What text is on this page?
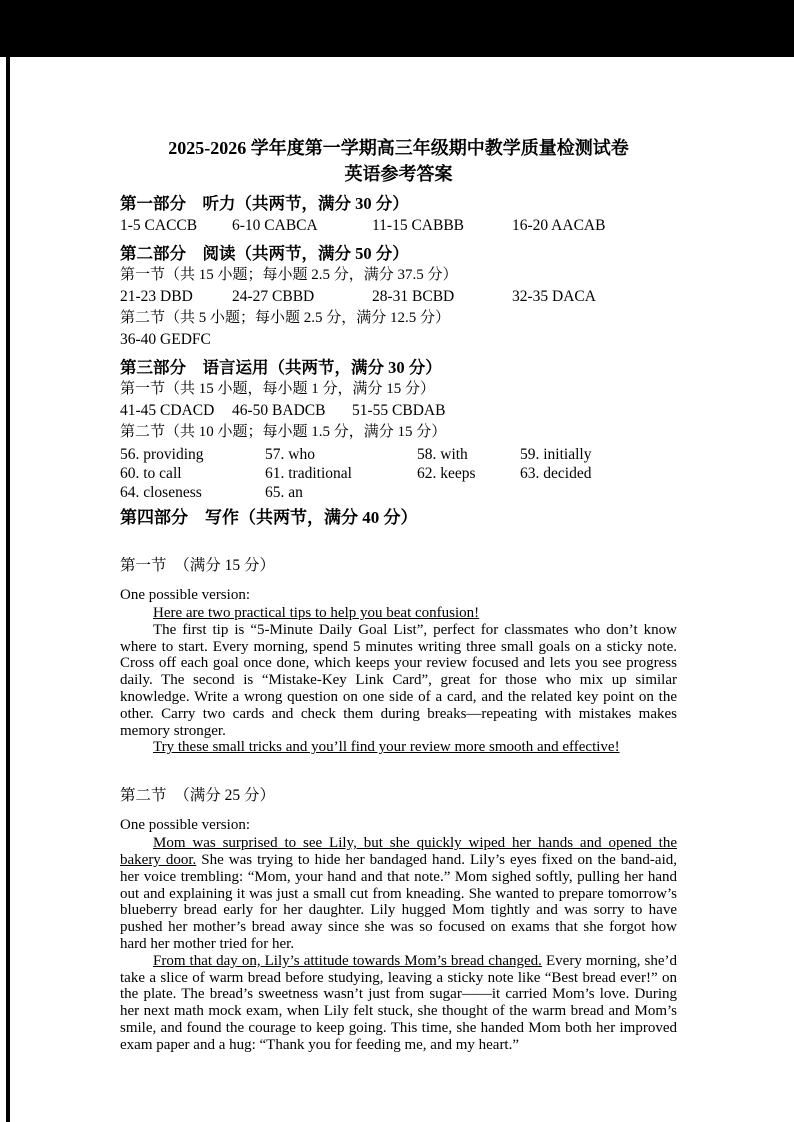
2025-2026 学年度第一学期高三年级期中教学质量检测试卷
英语参考答案
第一部分　听力（共两节，满分 30 分）
1-5 CACCB	6-10 CABCA	11-15 CABBB	16-20 AACAB
第二部分　阅读（共两节，满分 50 分）
第一节（共 15 小题；每小题 2.5 分，满分 37.5 分）
21-23 DBD	24-27 CBBD	28-31 BCBD	32-35 DACA
第二节（共 5 小题；每小题 2.5 分，满分 12.5 分）
36-40 GEDFC
第三部分　语言运用（共两节，满分 30 分）
第一节（共 15 小题，每小题 1 分，满分 15 分）
41-45 CDACD	46-50 BADCB	51-55 CBDAB
第二节（共 10 小题；每小题 1.5 分，满分 15 分）
56. providing	57. who	58. with	59. initially
60. to call	61. traditional	62. keeps	63. decided
64. closeness	65. an
第四部分　写作（共两节，满分 40 分）
第一节　（满分 15 分）
One possible version:

Here are two practical tips to help you beat confusion!

The first tip is “5-Minute Daily Goal List”, perfect for classmates who don’t know where to start. Every morning, spend 5 minutes writing three small goals on a sticky note. Cross off each goal once done, which keeps your review focused and lets you see progress daily. The second is “Mistake-Key Link Card”, great for those who mix up similar knowledge. Write a wrong question on one side of a card, and the related key point on the other. Carry two cards and check them during breaks—repeating with mistakes makes memory stronger.

Try these small tricks and you’ll find your review more smooth and effective!

第二节　（满分 25 分）
One possible version:

Mom was surprised to see Lily, but she quickly wiped her hands and opened the bakery door. She was trying to hide her bandaged hand. Lily’s eyes fixed on the band-aid, her voice trembling: “Mom, your hand and that note.” Mom sighed softly, pulling her hand out and explaining it was just a small cut from kneading. She wanted to prepare tomorrow’s blueberry bread early for her daughter. Lily hugged Mom tightly and was sorry to have pushed her mother’s bread away since she was so focused on exams that she forgot how hard her mother tried for her.

From that day on, Lily’s attitude towards Mom’s bread changed. Every morning, she’d take a slice of warm bread before studying, leaving a sticky note like “Best bread ever!” on the plate. The bread’s sweetness wasn’t just from sugar——it carried Mom’s love. During her next math mock exam, when Lily felt stuck, she thought of the warm bread and Mom’s smile, and found the courage to keep going. This time, she handed Mom both her improved exam paper and a hug: “Thank you for feeding me, and my heart.”
